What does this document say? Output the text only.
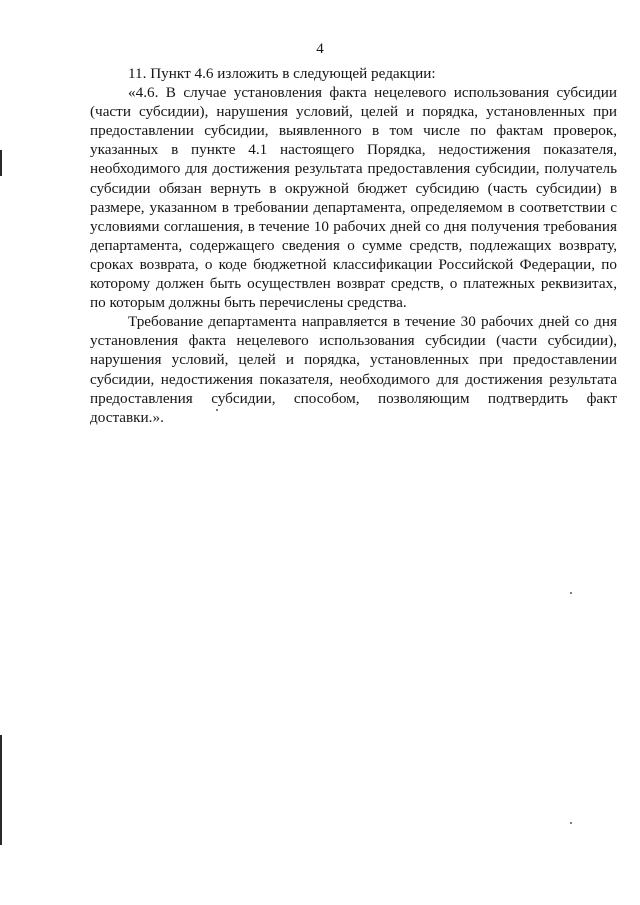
4

11. Пункт 4.6 изложить в следующей редакции:

«4.6. В случае установления факта нецелевого использования субсидии (части субсидии), нарушения условий, целей и порядка, установленных при предоставлении субсидии, выявленного в том числе по фактам проверок, указанных в пункте 4.1 настоящего Порядка, недостижения показателя, необходимого для достижения результата предоставления субсидии, получатель субсидии обязан вернуть в окружной бюджет субсидию (часть субсидии) в размере, указанном в требовании департамента, определяемом в соответствии с условиями соглашения, в течение 10 рабочих дней со дня получения требования департамента, содержащего сведения о сумме средств, подлежащих возврату, сроках возврата, о коде бюджетной классификации Российской Федерации, по которому должен быть осуществлен возврат средств, о платежных реквизитах, по которым должны быть перечислены средства.

Требование департамента направляется в течение 30 рабочих дней со дня установления факта нецелевого использования субсидии (части субсидии), нарушения условий, целей и порядка, установленных при предоставлении субсидии, недостижения показателя, необходимого для достижения результата предоставления субсидии, способом, позволяющим подтвердить факт доставки.».
